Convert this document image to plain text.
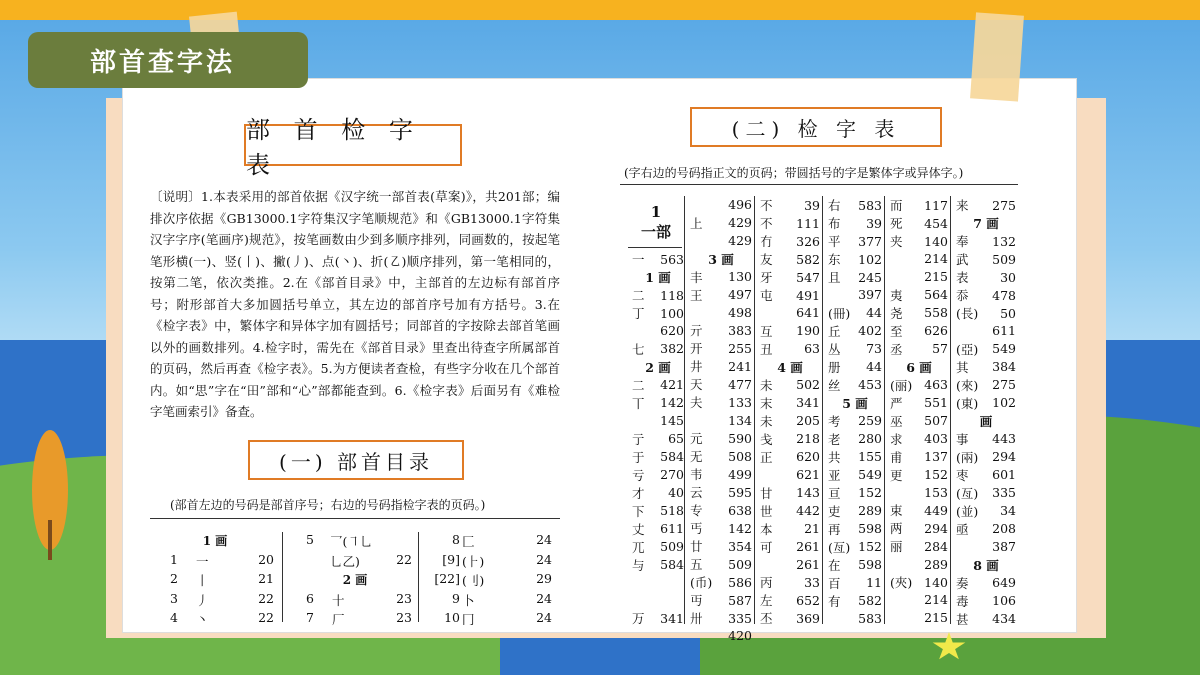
部首查字法
部 首 检 字 表
〔说明〕1.本表采用的部首依据《汉字统一部首表(草案)》，共201部；编排次序依据《GB13000.1字符集汉字笔顺规范》和《GB13000.1字符集汉字字序(笔画序)规范》，按笔画数由少到多顺序排列，同画数的，按起笔笔形横(一)、竖(丨)、撇(丿)、点(丶)、折(㇠)顺序排列，第一笔相同的，按第二笔，依次类推。2.在《部首目录》中，主部首的左边标有部首序号；附形部首大多加圆括号单立，其左边的部首序号加有方括号。3.在《检字表》中，繁体字和异体字加有圆括号；同部首的字按除去部首笔画以外的画数排列。4.检字时，需先在《部首目录》里查出待查字所属部首的页码，然后再查《检字表》。5.为方便读者查检，有些字分收在几个部首内。如“思”字在“田”部和“心”部都能查到。6.《检字表》后面另有《难检字笔画索引》备查。
(一) 部首目录
(部首左边的号码是部首序号；右边的号码指检字表的页码。)
1 画
1 一	20
2 丨	21
3 丿	22
4 丶	22
5 乛(㇕乚
乚乙)	22
2 画
6 十	23
7 厂	23
8 匚	24
[9] (⺊)	24
[22] (刂)	29
9 卜	24
10 冂	24
(二) 检 字 表
(字右边的号码指正文的页码；带圆括号的字是繁体字或异体字。)
1
一部
一	563
1 画	
二	118
丁	100
	620
七	382
2 画	
二	421
丅	142
	145
亍	65
于	584
亏	270
才	40
下	518
丈	611
兀	509
与	584

万	341
	496
上	429
	429
3 画	
丰	130
王	497
	498
亓	383
开	255
井	241
天	477
夫	133
	134
元	590
无	508
韦	499
云	595
专	638
丐	142
廿	354
五	509
(币)	586
丏	587
卅	335
	420
不	39
不	111
冇	326
友	582
牙	547
屯	491
	641
互	190
丑	63
4 画	
未	502
末	341
未	205
戋	218
正	620
	621
甘	143
世	442
本	21
可	261
	261
丙	33
左	652
丕	369
右	583
布	39
平	377
东	102
且	245
	397
(冊)	44
丘	402
丛	73
册	44
丝	453
5 画	
考	259
老	280
共	155
亚	549
亘	152
吏	289
再	598
(亙)	152
在	598
百	11
有	582
	583
而	117
死	454
夹	140
	214
	215
夷	564
尧	558
至	626
丞	57
6 画	
(丽)	463
严	551
巫	507
求	403
甫	137
更	152
	153
束	449
两	294
丽	284
	289
(夾)	140
	214
	215
来	275
7 画	
奉	132
武	509
表	30
忝	478
(長)	50
	611
(亞)	549
其	384
(來)	275
(東)	102
画	
事	443
(兩)	294
枣	601
(亙)	335
(並)	34
亟	208
	387
8 画	
奏	649
毒	106
甚	434
